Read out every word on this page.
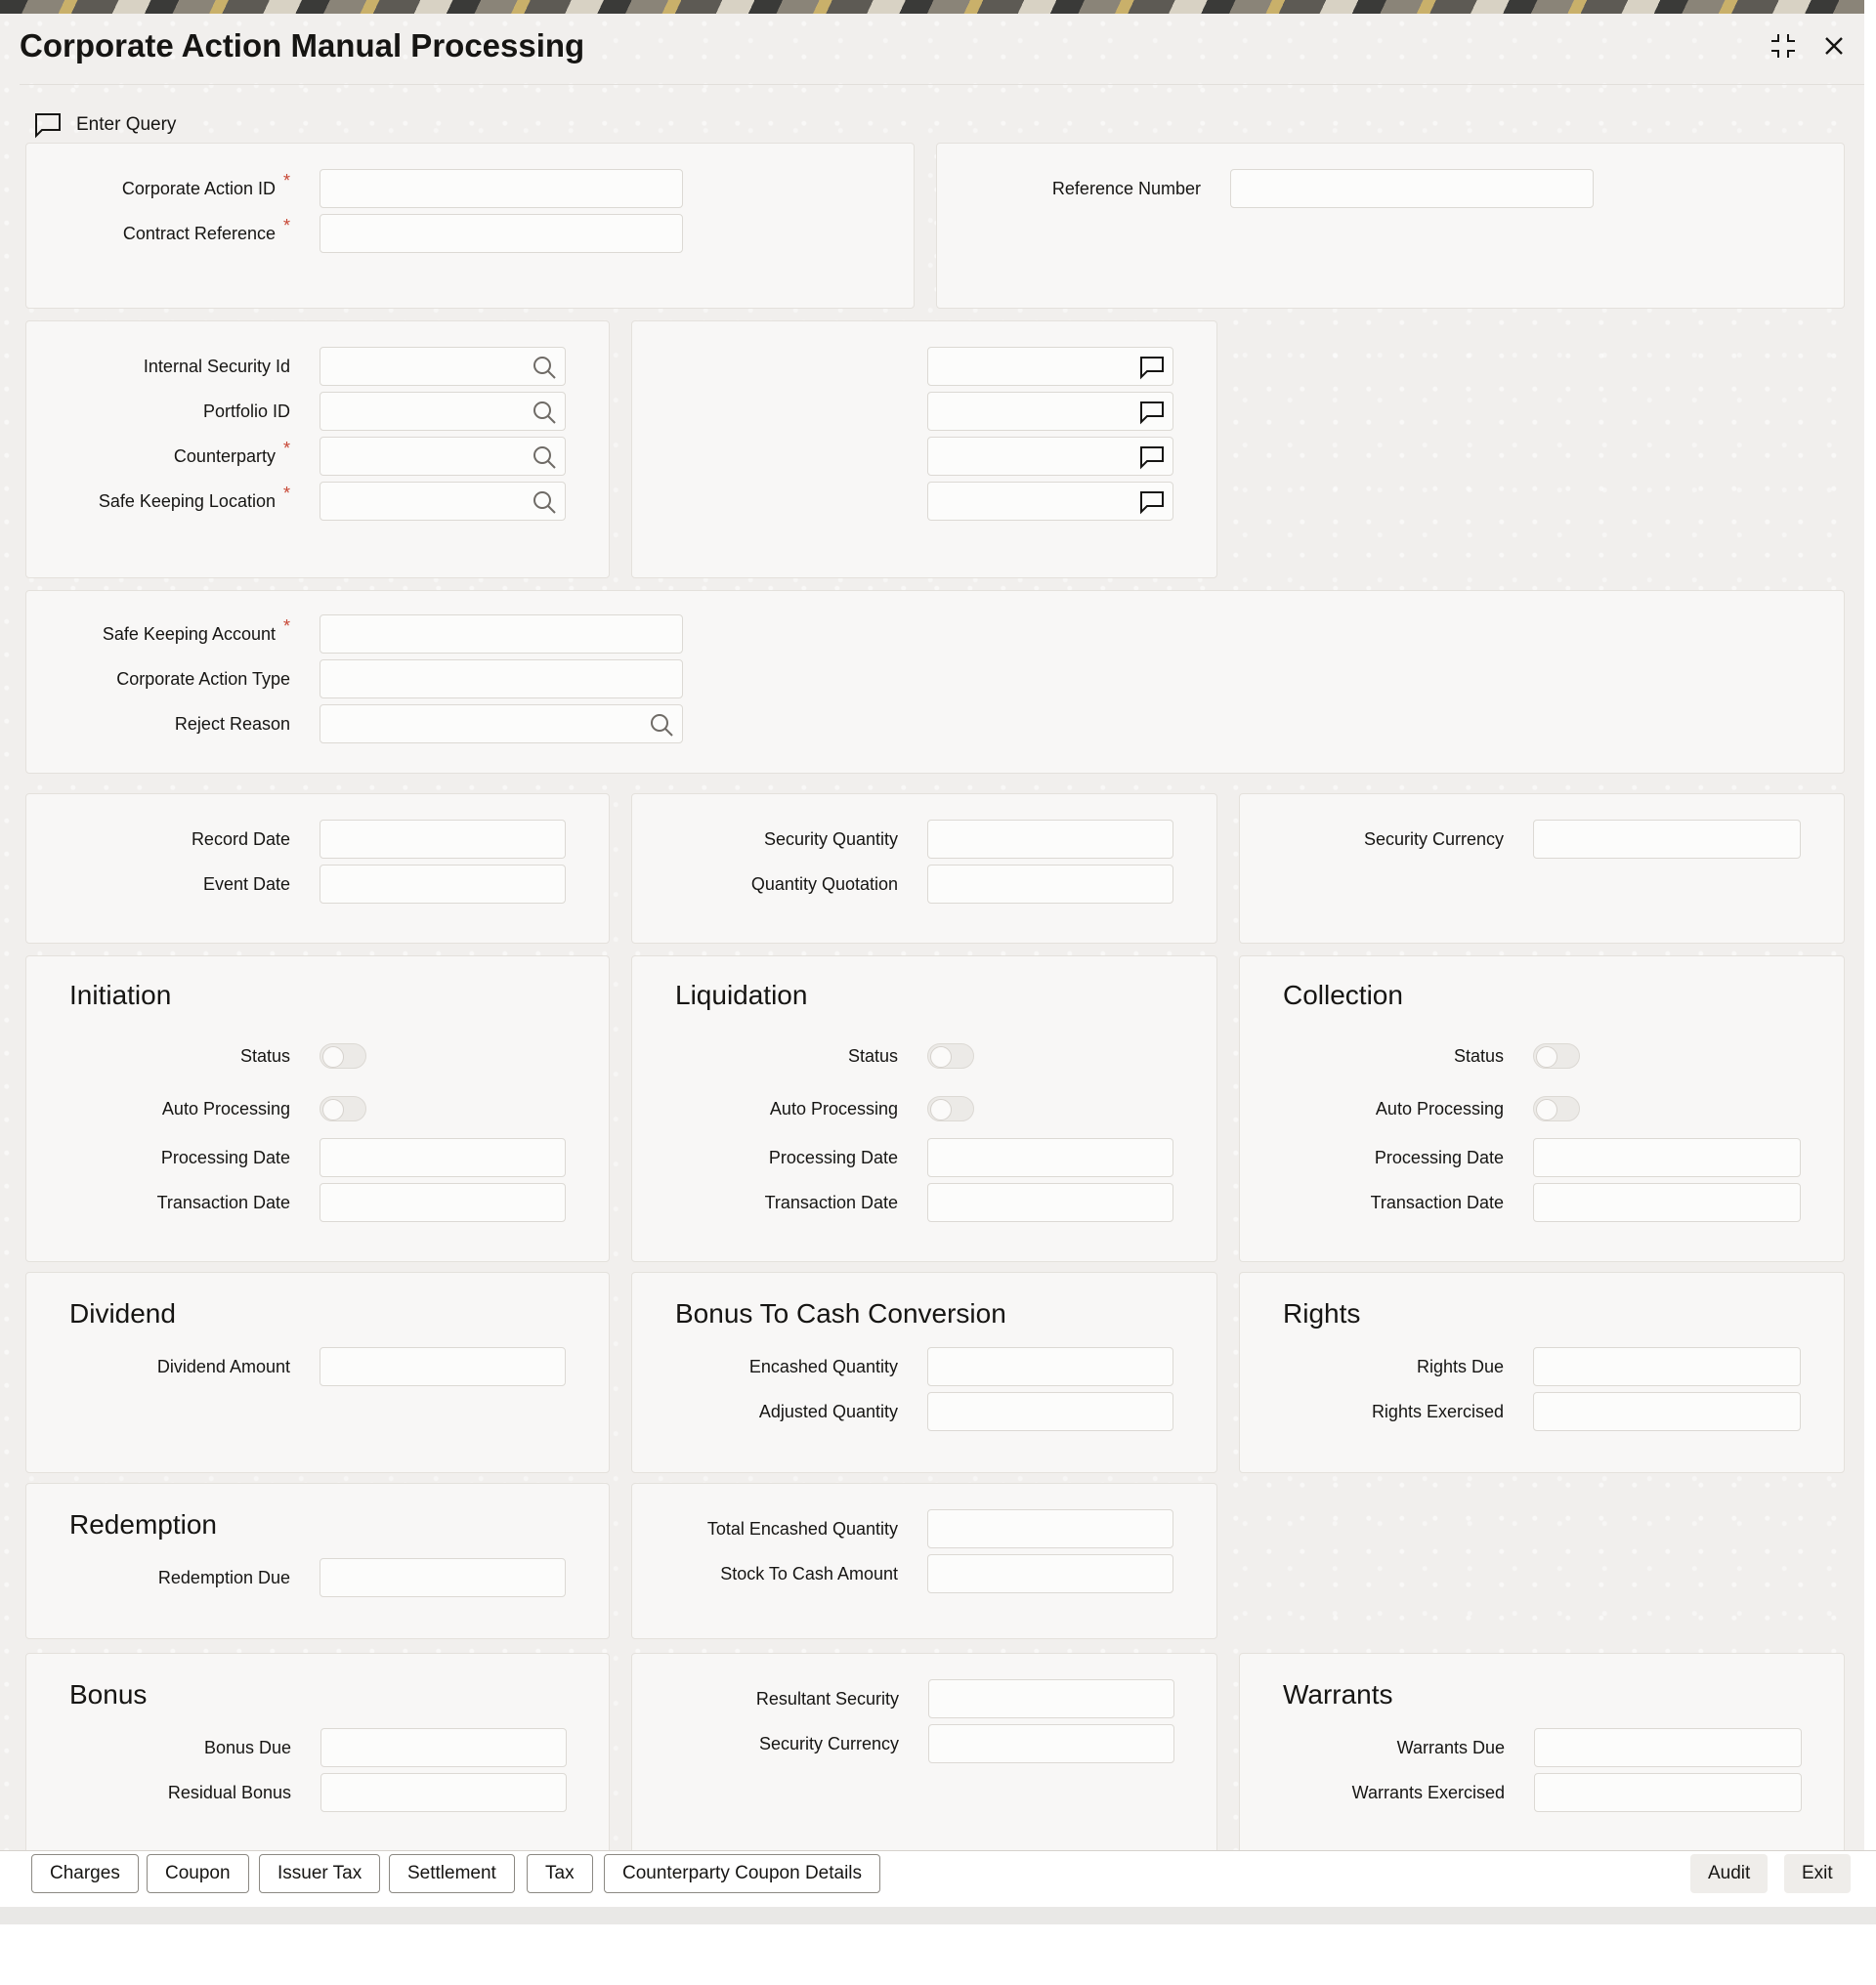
Corporate Action Manual Processing
Enter Query
Corporate Action ID *
Contract Reference *
Reference Number
Internal Security Id
Portfolio ID
Counterparty *
Safe Keeping Location *
Safe Keeping Account *
Corporate Action Type
Reject Reason
Record Date
Event Date
Security Quantity
Quantity Quotation
Security Currency
Initiation
Status
Auto Processing
Processing Date
Transaction Date
Liquidation
Status
Auto Processing
Processing Date
Transaction Date
Collection
Status
Auto Processing
Processing Date
Transaction Date
Dividend
Dividend Amount
Bonus To Cash Conversion
Encashed Quantity
Adjusted Quantity
Rights
Rights Due
Rights Exercised
Redemption
Redemption Due
Total Encashed Quantity
Stock To Cash Amount
Bonus
Bonus Due
Residual Bonus
Resultant Security
Security Currency
Warrants
Warrants Due
Warrants Exercised
Charges	Coupon	Issuer Tax	Settlement	Tax	Counterparty Coupon Details	Audit	Exit
